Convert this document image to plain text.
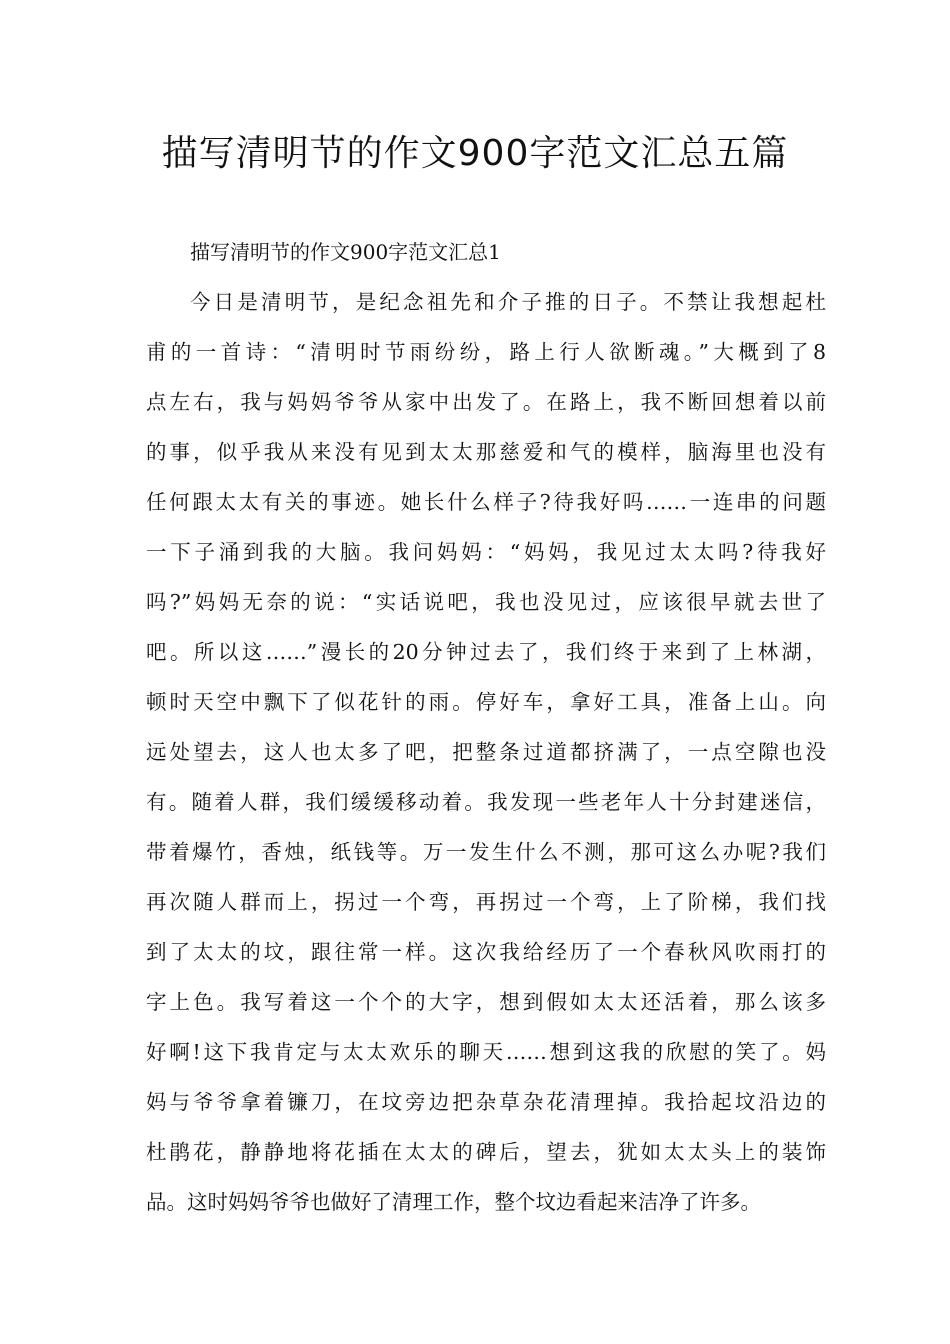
描写清明节的作文900字范文汇总五篇

描写清明节的作文900字范文汇总1

今日是清明节，是纪念祖先和介子推的日子。不禁让我想起杜
甫的一首诗：“清明时节雨纷纷，路上行人欲断魂。”大概到了8
点左右，我与妈妈爷爷从家中出发了。在路上，我不断回想着以前
的事，似乎我从来没有见到太太那慈爱和气的模样，脑海里也没有
任何跟太太有关的事迹。她长什么样子?待我好吗……一连串的问题
一下子涌到我的大脑。我问妈妈：“妈妈，我见过太太吗?待我好
吗?”妈妈无奈的说：“实话说吧，我也没见过，应该很早就去世了
吧。所以这……”漫长的20分钟过去了，我们终于来到了上林湖，
顿时天空中飘下了似花针的雨。停好车，拿好工具，准备上山。向
远处望去，这人也太多了吧，把整条过道都挤满了，一点空隙也没
有。随着人群，我们缓缓移动着。我发现一些老年人十分封建迷信，
带着爆竹，香烛，纸钱等。万一发生什么不测，那可这么办呢?我们
再次随人群而上，拐过一个弯，再拐过一个弯，上了阶梯，我们找
到了太太的坟，跟往常一样。这次我给经历了一个春秋风吹雨打的
字上色。我写着这一个个的大字，想到假如太太还活着，那么该多
好啊!这下我肯定与太太欢乐的聊天……想到这我的欣慰的笑了。妈
妈与爷爷拿着镰刀，在坟旁边把杂草杂花清理掉。我拾起坟沿边的
杜鹃花，静静地将花插在太太的碑后，望去，犹如太太头上的装饰
品。这时妈妈爷爷也做好了清理工作，整个坟边看起来洁净了许多。
